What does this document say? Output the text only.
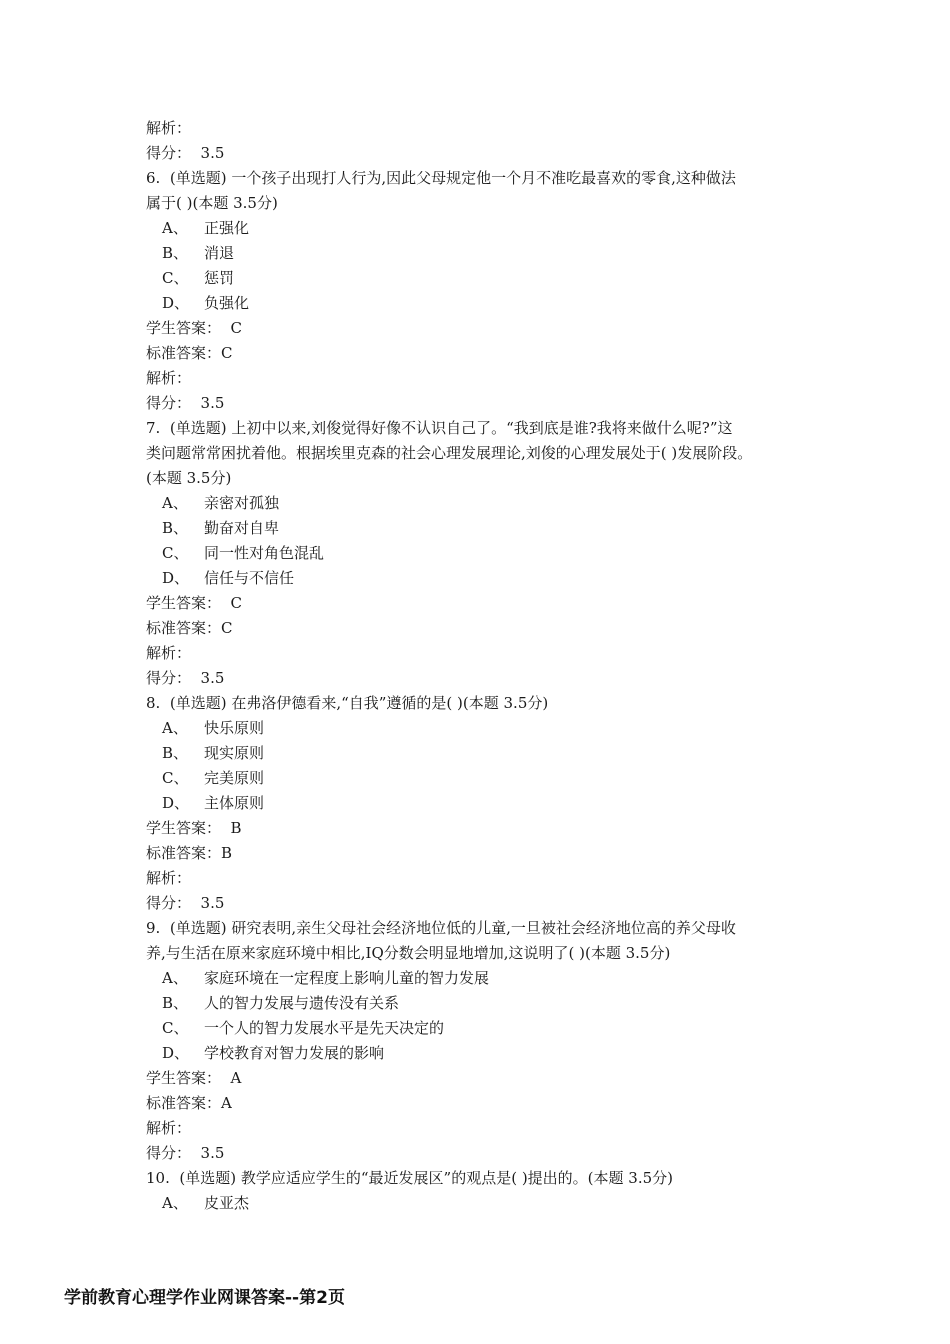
解析：
得分：  3.5
6.  (单选题) 一个孩子出现打人行为,因此父母规定他一个月不准吃最喜欢的零食,这种做法
属于( )(本题 3.5分)
A、 正强化
B、 消退
C、 惩罚
D、 负强化
学生答案：  C
标准答案：C
解析：
得分：  3.5
7.  (单选题) 上初中以来,刘俊觉得好像不认识自己了。“我到底是谁?我将来做什么呢?”这
类问题常常困扰着他。根据埃里克森的社会心理发展理论,刘俊的心理发展处于( )发展阶段。
(本题 3.5分)
A、 亲密对孤独
B、 勤奋对自卑
C、 同一性对角色混乱
D、 信任与不信任
学生答案：  C
标准答案：C
解析：
得分：  3.5
8.  (单选题) 在弗洛伊德看来,“自我”遵循的是( )(本题 3.5分)
A、 快乐原则
B、 现实原则
C、 完美原则
D、 主体原则
学生答案：  B
标准答案：B
解析：
得分：  3.5
9.  (单选题) 研究表明,亲生父母社会经济地位低的儿童,一旦被社会经济地位高的养父母收
养,与生活在原来家庭环境中相比,IQ分数会明显地增加,这说明了( )(本题 3.5分)
A、 家庭环境在一定程度上影响儿童的智力发展
B、 人的智力发展与遗传没有关系
C、 一个人的智力发展水平是先天决定的
D、 学校教育对智力发展的影响
学生答案：  A
标准答案：A
解析：
得分：  3.5
10.  (单选题) 教学应适应学生的“最近发展区”的观点是( )提出的。(本题 3.5分)
A、 皮亚杰
学前教育心理学作业网课答案--第2页
